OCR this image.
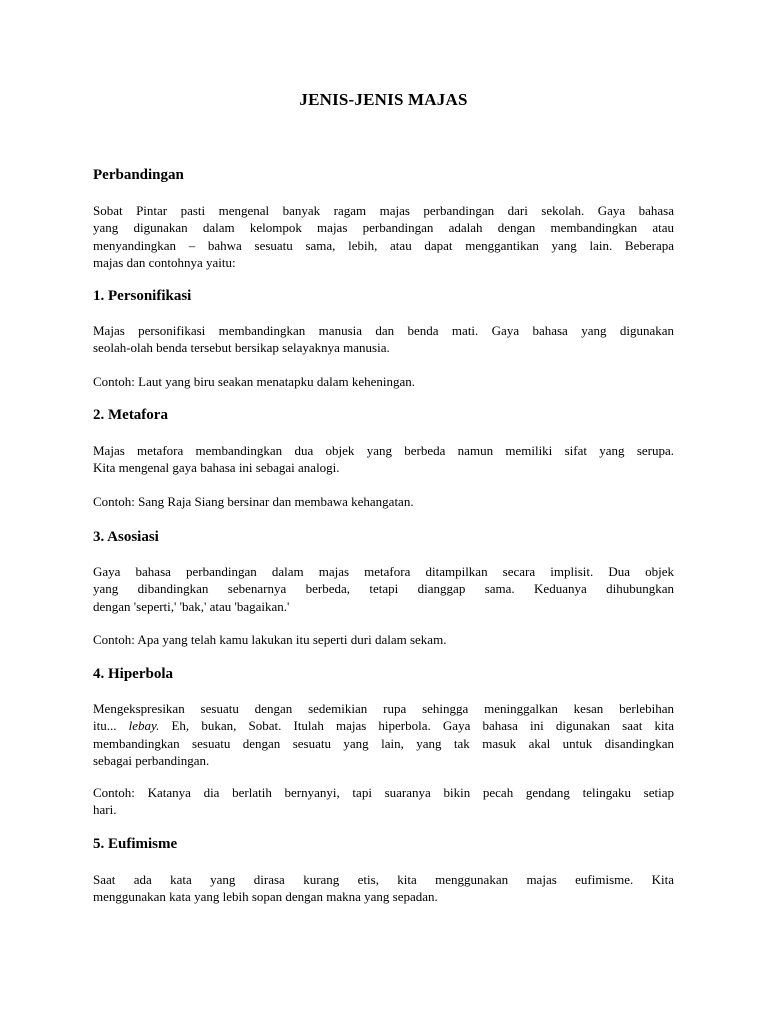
JENIS-JENIS MAJAS
Perbandingan
Sobat Pintar pasti mengenal banyak ragam majas perbandingan dari sekolah. Gaya bahasa
yang digunakan dalam kelompok majas perbandingan adalah dengan membandingkan atau
menyandingkan – bahwa sesuatu sama, lebih, atau dapat menggantikan yang lain. Beberapa
majas dan contohnya yaitu:
1. Personifikasi
Majas personifikasi membandingkan manusia dan benda mati. Gaya bahasa yang digunakan
seolah-olah benda tersebut bersikap selayaknya manusia.
Contoh: Laut yang biru seakan menatapku dalam keheningan.
2. Metafora
Majas metafora membandingkan dua objek yang berbeda namun memiliki sifat yang serupa.
Kita mengenal gaya bahasa ini sebagai analogi.
Contoh: Sang Raja Siang bersinar dan membawa kehangatan.
3. Asosiasi
Gaya bahasa perbandingan dalam majas metafora ditampilkan secara implisit. Dua objek
yang dibandingkan sebenarnya berbeda, tetapi dianggap sama. Keduanya dihubungkan
dengan 'seperti,' 'bak,' atau 'bagaikan.'
Contoh: Apa yang telah kamu lakukan itu seperti duri dalam sekam.
4. Hiperbola
Mengekspresikan sesuatu dengan sedemikian rupa sehingga meninggalkan kesan berlebihan
itu... lebay. Eh, bukan, Sobat. Itulah majas hiperbola. Gaya bahasa ini digunakan saat kita
membandingkan sesuatu dengan sesuatu yang lain, yang tak masuk akal untuk disandingkan
sebagai perbandingan.
Contoh: Katanya dia berlatih bernyanyi, tapi suaranya bikin pecah gendang telingaku setiap
hari.
5. Eufimisme
Saat ada kata yang dirasa kurang etis, kita menggunakan majas eufimisme. Kita
menggunakan kata yang lebih sopan dengan makna yang sepadan.
